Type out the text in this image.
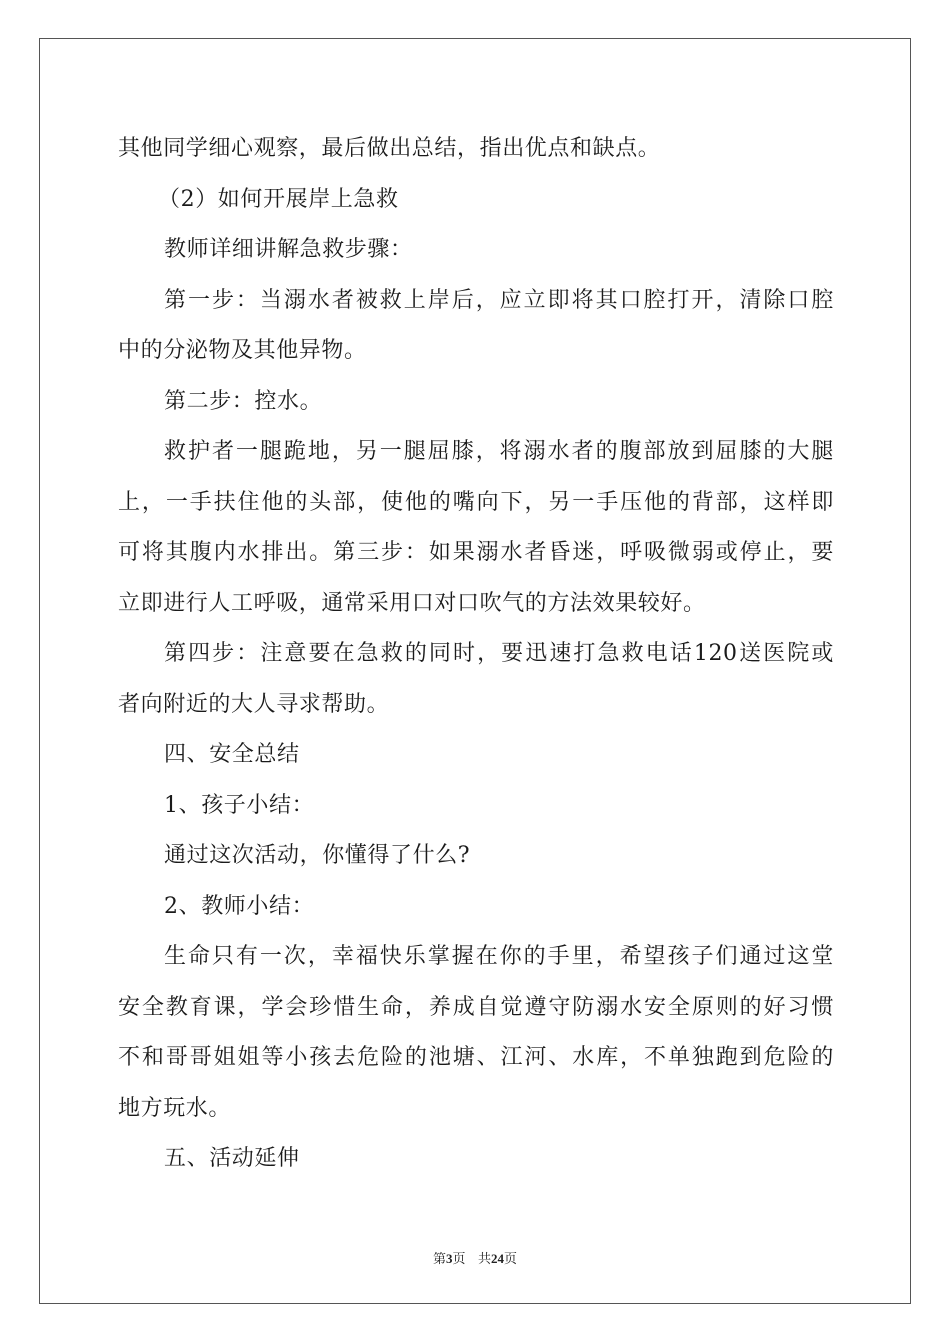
其他同学细心观察，最后做出总结，指出优点和缺点。
（2）如何开展岸上急救
教师详细讲解急救步骤：
第一步：当溺水者被救上岸后，应立即将其口腔打开，清除口腔
中的分泌物及其他异物。
第二步：控水。
救护者一腿跪地，另一腿屈膝，将溺水者的腹部放到屈膝的大腿
上，一手扶住他的头部，使他的嘴向下，另一手压他的背部，这样即
可将其腹内水排出。第三步：如果溺水者昏迷，呼吸微弱或停止，要
立即进行人工呼吸，通常采用口对口吹气的方法效果较好。
第四步：注意要在急救的同时，要迅速打急救电话120送医院或
者向附近的大人寻求帮助。
四、安全总结
1、孩子小结：
通过这次活动，你懂得了什么?
2、教师小结：
生命只有一次，幸福快乐掌握在你的手里，希望孩子们通过这堂
安全教育课，学会珍惜生命，养成自觉遵守防溺水安全原则的好习惯
不和哥哥姐姐等小孩去危险的池塘、江河、水库，不单独跑到危险的
地方玩水。
五、活动延伸
第3页 共24页
